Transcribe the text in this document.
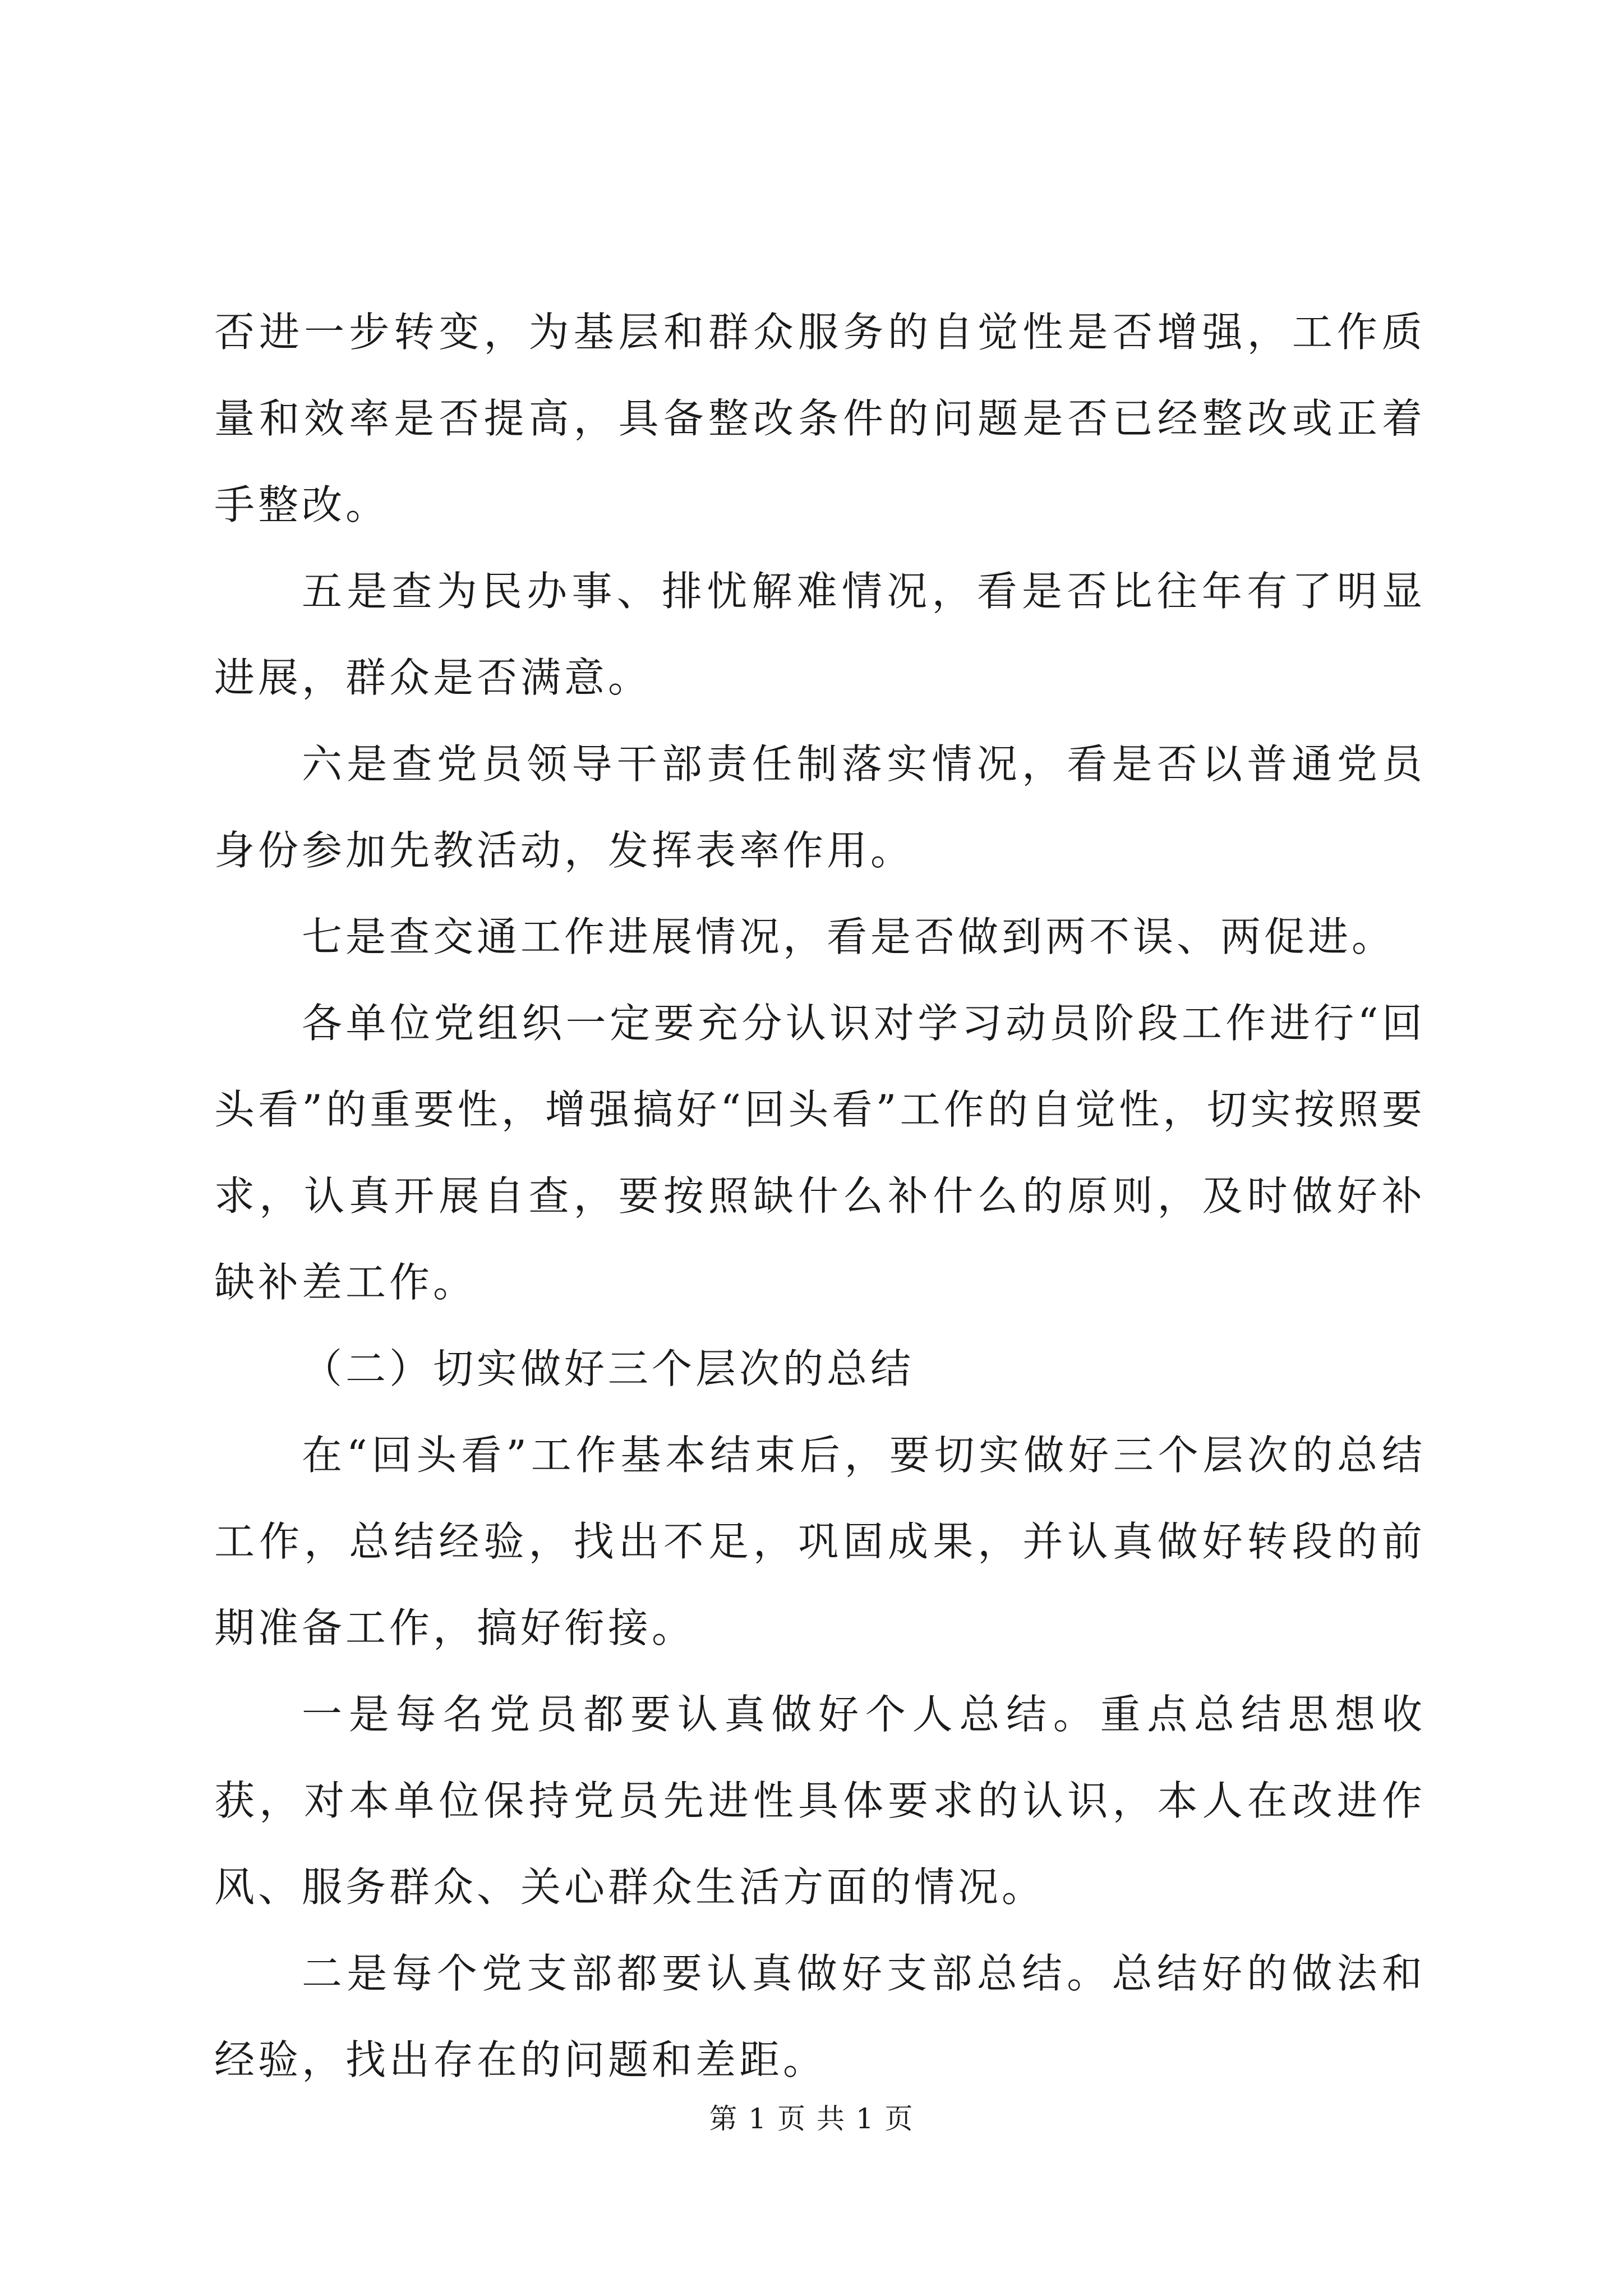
否进一步转变，为基层和群众服务的自觉性是否增强，工作质量和效率是否提高，具备整改条件的问题是否已经整改或正着手整改。

五是查为民办事、排忧解难情况，看是否比往年有了明显进展，群众是否满意。

六是查党员领导干部责任制落实情况，看是否以普通党员身份参加先教活动，发挥表率作用。

七是查交通工作进展情况，看是否做到两不误、两促进。

各单位党组织一定要充分认识对学习动员阶段工作进行“回头看”的重要性，增强搞好“回头看”工作的自觉性，切实按照要求，认真开展自查，要按照缺什么补什么的原则，及时做好补缺补差工作。

（二）切实做好三个层次的总结

在“回头看”工作基本结束后，要切实做好三个层次的总结工作，总结经验，找出不足，巩固成果，并认真做好转段的前期准备工作，搞好衔接。

一是每名党员都要认真做好个人总结。重点总结思想收获，对本单位保持党员先进性具体要求的认识，本人在改进作风、服务群众、关心群众生活方面的情况。

二是每个党支部都要认真做好支部总结。总结好的做法和经验，找出存在的问题和差距。

第 1 页 共 1 页
